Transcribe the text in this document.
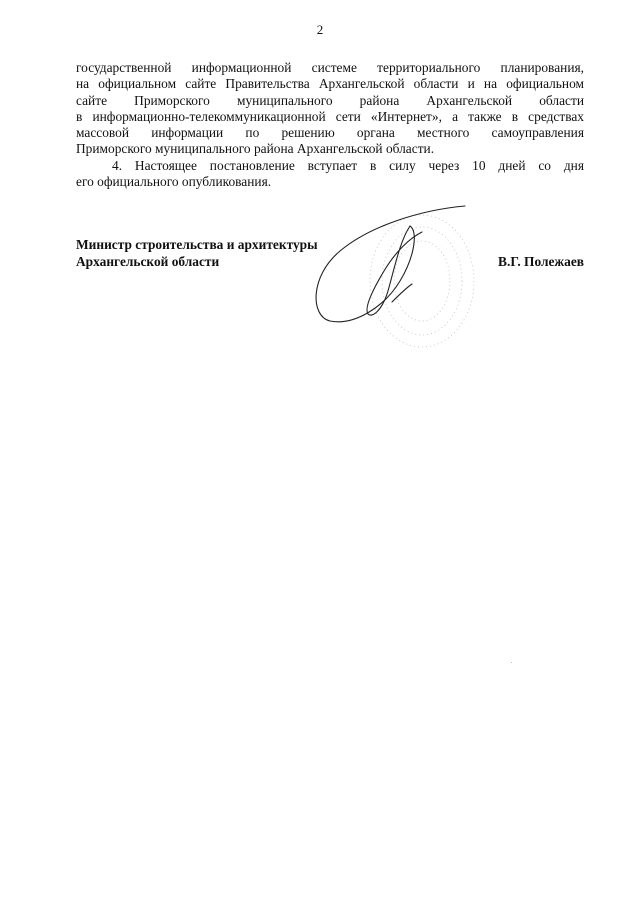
2

государственной информационной системе территориального планирования,
на официальном сайте Правительства Архангельской области и на официальном
сайте Приморского муниципального района Архангельской области
в информационно-телекоммуникационной сети «Интернет», а также в средствах
массовой информации по решению органа местного самоуправления
Приморского муниципального района Архангельской области.

4. Настоящее постановление вступает в силу через 10 дней со дня
его официального опубликования.

Министр строительства и архитектуры
Архангельской области	В.Г. Полежаев
